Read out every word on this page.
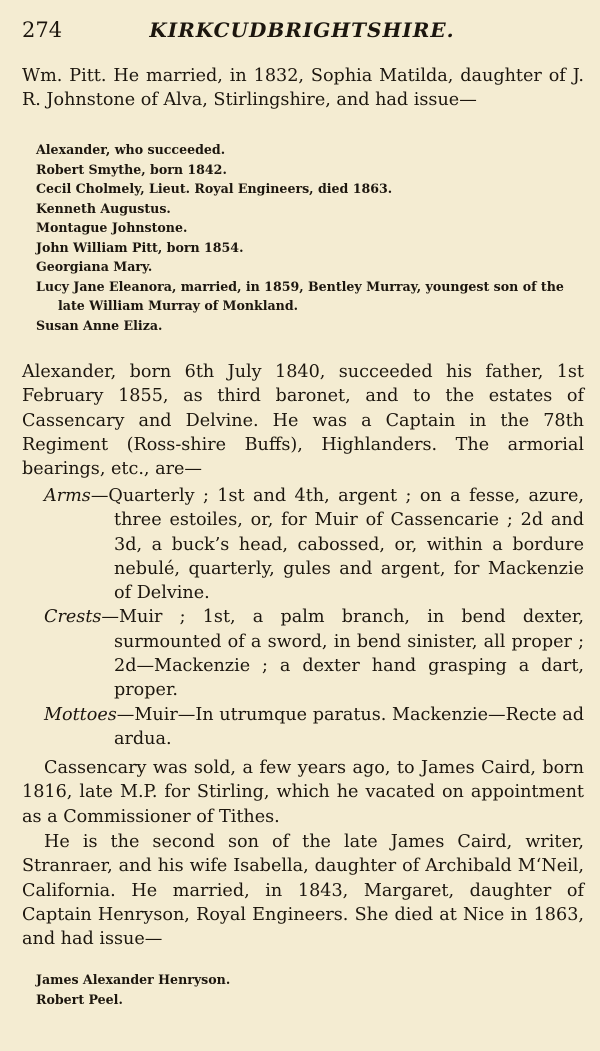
274	KIRKCUDBRIGHTSHIRE.

Wm. Pitt. He married, in 1832, Sophia Matilda, daughter of J. R. Johnstone of Alva, Stirlingshire, and had issue—

Alexander, who succeeded.
Robert Smythe, born 1842.
Cecil Cholmely, Lieut. Royal Engineers, died 1863.
Kenneth Augustus.
Montague Johnstone.
John William Pitt, born 1854.
Georgiana Mary.
Lucy Jane Eleanora, married, in 1859, Bentley Murray, youngest son of the late William Murray of Monkland.
Susan Anne Eliza.

Alexander, born 6th July 1840, succeeded his father, 1st February 1855, as third baronet, and to the estates of Cassencary and Delvine. He was a Captain in the 78th Regiment (Ross-shire Buffs), Highlanders. The armorial bearings, etc., are—

Arms—Quarterly ; 1st and 4th, argent ; on a fesse, azure, three estoiles, or, for Muir of Cassencarie ; 2d and 3d, a buck’s head, cabossed, or, within a bordure nebulé, quarterly, gules and argent, for Mackenzie of Delvine.

Crests—Muir ; 1st, a palm branch, in bend dexter, surmounted of a sword, in bend sinister, all proper ; 2d—Mackenzie ; a dexter hand grasping a dart, proper.

Mottoes—Muir—In utrumque paratus. Mackenzie—Recte ad ardua.

Cassencary was sold, a few years ago, to James Caird, born 1816, late M.P. for Stirling, which he vacated on appointment as a Commissioner of Tithes.

He is the second son of the late James Caird, writer, Stranraer, and his wife Isabella, daughter of Archibald M‘Neil, California. He married, in 1843, Margaret, daughter of Captain Henryson, Royal Engineers. She died at Nice in 1863, and had issue—

James Alexander Henryson.
Robert Peel.
